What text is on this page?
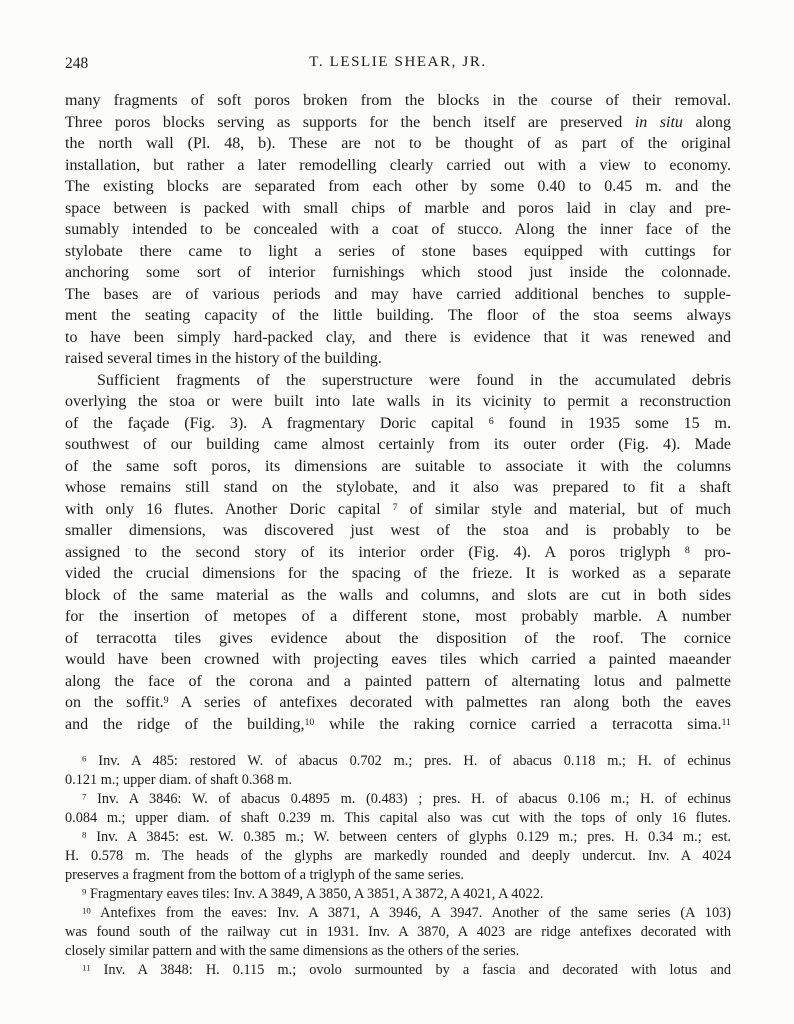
248	T. LESLIE SHEAR, JR.
many fragments of soft poros broken from the blocks in the course of their removal.
Three poros blocks serving as supports for the bench itself are preserved in situ along
the north wall (Pl. 48, b). These are not to be thought of as part of the original
installation, but rather a later remodelling clearly carried out with a view to economy.
The existing blocks are separated from each other by some 0.40 to 0.45 m. and the
space between is packed with small chips of marble and poros laid in clay and pre-
sumably intended to be concealed with a coat of stucco. Along the inner face of the
stylobate there came to light a series of stone bases equipped with cuttings for
anchoring some sort of interior furnishings which stood just inside the colonnade.
The bases are of various periods and may have carried additional benches to supple-
ment the seating capacity of the little building. The floor of the stoa seems always
to have been simply hard-packed clay, and there is evidence that it was renewed and
raised several times in the history of the building.
Sufficient fragments of the superstructure were found in the accumulated debris
overlying the stoa or were built into late walls in its vicinity to permit a reconstruction
of the façade (Fig. 3). A fragmentary Doric capital $^6$ found in 1935 some 15 m.
southwest of our building came almost certainly from its outer order (Fig. 4). Made
of the same soft poros, its dimensions are suitable to associate it with the columns
whose remains still stand on the stylobate, and it also was prepared to fit a shaft
with only 16 flutes. Another Doric capital $^7$ of similar style and material, but of much
smaller dimensions, was discovered just west of the stoa and is probably to be
assigned to the second story of its interior order (Fig. 4). A poros triglyph $^8$ pro-
vided the crucial dimensions for the spacing of the frieze. It is worked as a separate
block of the same material as the walls and columns, and slots are cut in both sides
for the insertion of metopes of a different stone, most probably marble. A number
of terracotta tiles gives evidence about the disposition of the roof. The cornice
would have been crowned with projecting eaves tiles which carried a painted maeander
along the face of the corona and a painted pattern of alternating lotus and palmette
on the soffit.$^9$ A series of antefixes decorated with palmettes ran along both the eaves
and the ridge of the building,$^{10}$ while the raking cornice carried a terracotta sima.$^{11}$
$^6$ Inv. A 485: restored W. of abacus 0.702 m.; pres. H. of abacus 0.118 m.; H. of echinus
0.121 m.; upper diam. of shaft 0.368 m.
$^7$ Inv. A 3846: W. of abacus 0.4895 m. (0.483) ; pres. H. of abacus 0.106 m.; H. of echinus
0.084 m.; upper diam. of shaft 0.239 m. This capital also was cut with the tops of only 16 flutes.
$^8$ Inv. A 3845: est. W. 0.385 m.; W. between centers of glyphs 0.129 m.; pres. H. 0.34 m.; est.
H. 0.578 m. The heads of the glyphs are markedly rounded and deeply undercut. Inv. A 4024
preserves a fragment from the bottom of a triglyph of the same series.
$^9$ Fragmentary eaves tiles: Inv. A 3849, A 3850, A 3851, A 3872, A 4021, A 4022.
$^{10}$ Antefixes from the eaves: Inv. A 3871, A 3946, A 3947. Another of the same series (A 103)
was found south of the railway cut in 1931. Inv. A 3870, A 4023 are ridge antefixes decorated with
closely similar pattern and with the same dimensions as the others of the series.
$^{11}$ Inv. A 3848: H. 0.115 m.; ovolo surmounted by a fascia and decorated with lotus and
